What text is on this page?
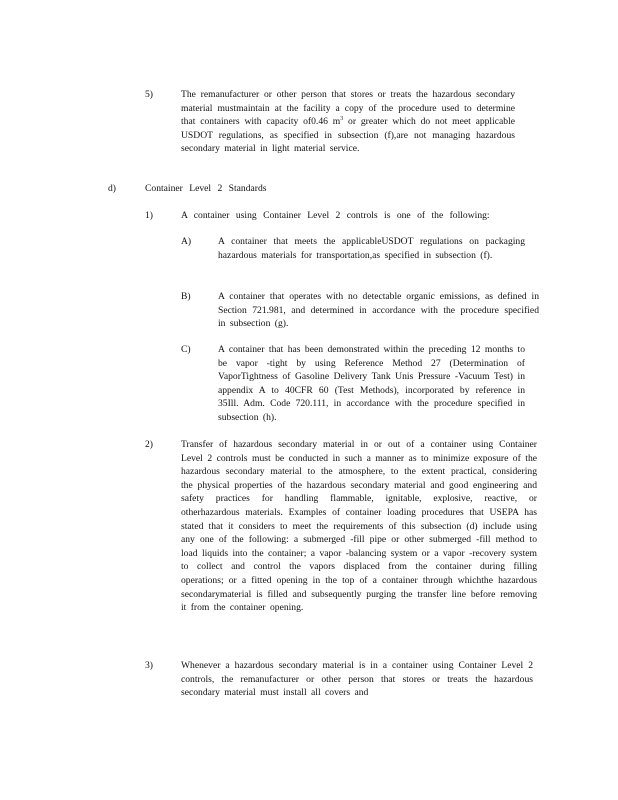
5)	The remanufacturer or other person that stores or treats the hazardous secondary material mustmaintain at the facility a copy of the procedure used to determine that containers with capacity of0.46 $m^3$ or greater which do not meet applicable USDOT regulations, as specified in subsection (f),are not managing hazardous secondary material in light material service.
d)	Container Level 2 Standards
1)	A container using Container Level 2 controls is one of the following:
A)	A container that meets the applicableUSDOT regulations on packaging hazardous materials for transportation,as specified in subsection (f).
B)	A container that operates with no detectable organic emissions, as defined in Section 721.981, and determined in accordance with the procedure specified in subsection (g).
C)	A container that has been demonstrated within the preceding 12 months to be vapor -tight by using Reference Method 27 (Determination of VaporTightness of Gasoline Delivery Tank Unis Pressure -Vacuum Test) in appendix A to 40CFR 60 (Test Methods), incorporated by reference in 35Ill. Adm. Code 720.111, in accordance with the procedure specified in subsection (h).
2)	Transfer of hazardous secondary material in or out of a container using Container Level 2 controls must be conducted in such a manner as to minimize exposure of the hazardous secondary material to the atmosphere, to the extent practical, considering the physical properties of the hazardous secondary material and good engineering and safety practices for handling flammable, ignitable, explosive, reactive, or otherhazardous materials. Examples of container loading procedures that USEPA has stated that it considers to meet the requirements of this subsection (d) include using any one of the following: a submerged -fill pipe or other submerged -fill method to load liquids into the container; a vapor -balancing system or a vapor -recovery system to collect and control the vapors displaced from the container during filling operations; or a fitted opening in the top of a container through whichthe hazardous secondarymaterial is filled and subsequently purging the transfer line before removing it from the container opening.
3)	Whenever a hazardous secondary material is in a container using Container Level 2 controls, the remanufacturer or other person that stores or treats the hazardous secondary material must install all covers and
